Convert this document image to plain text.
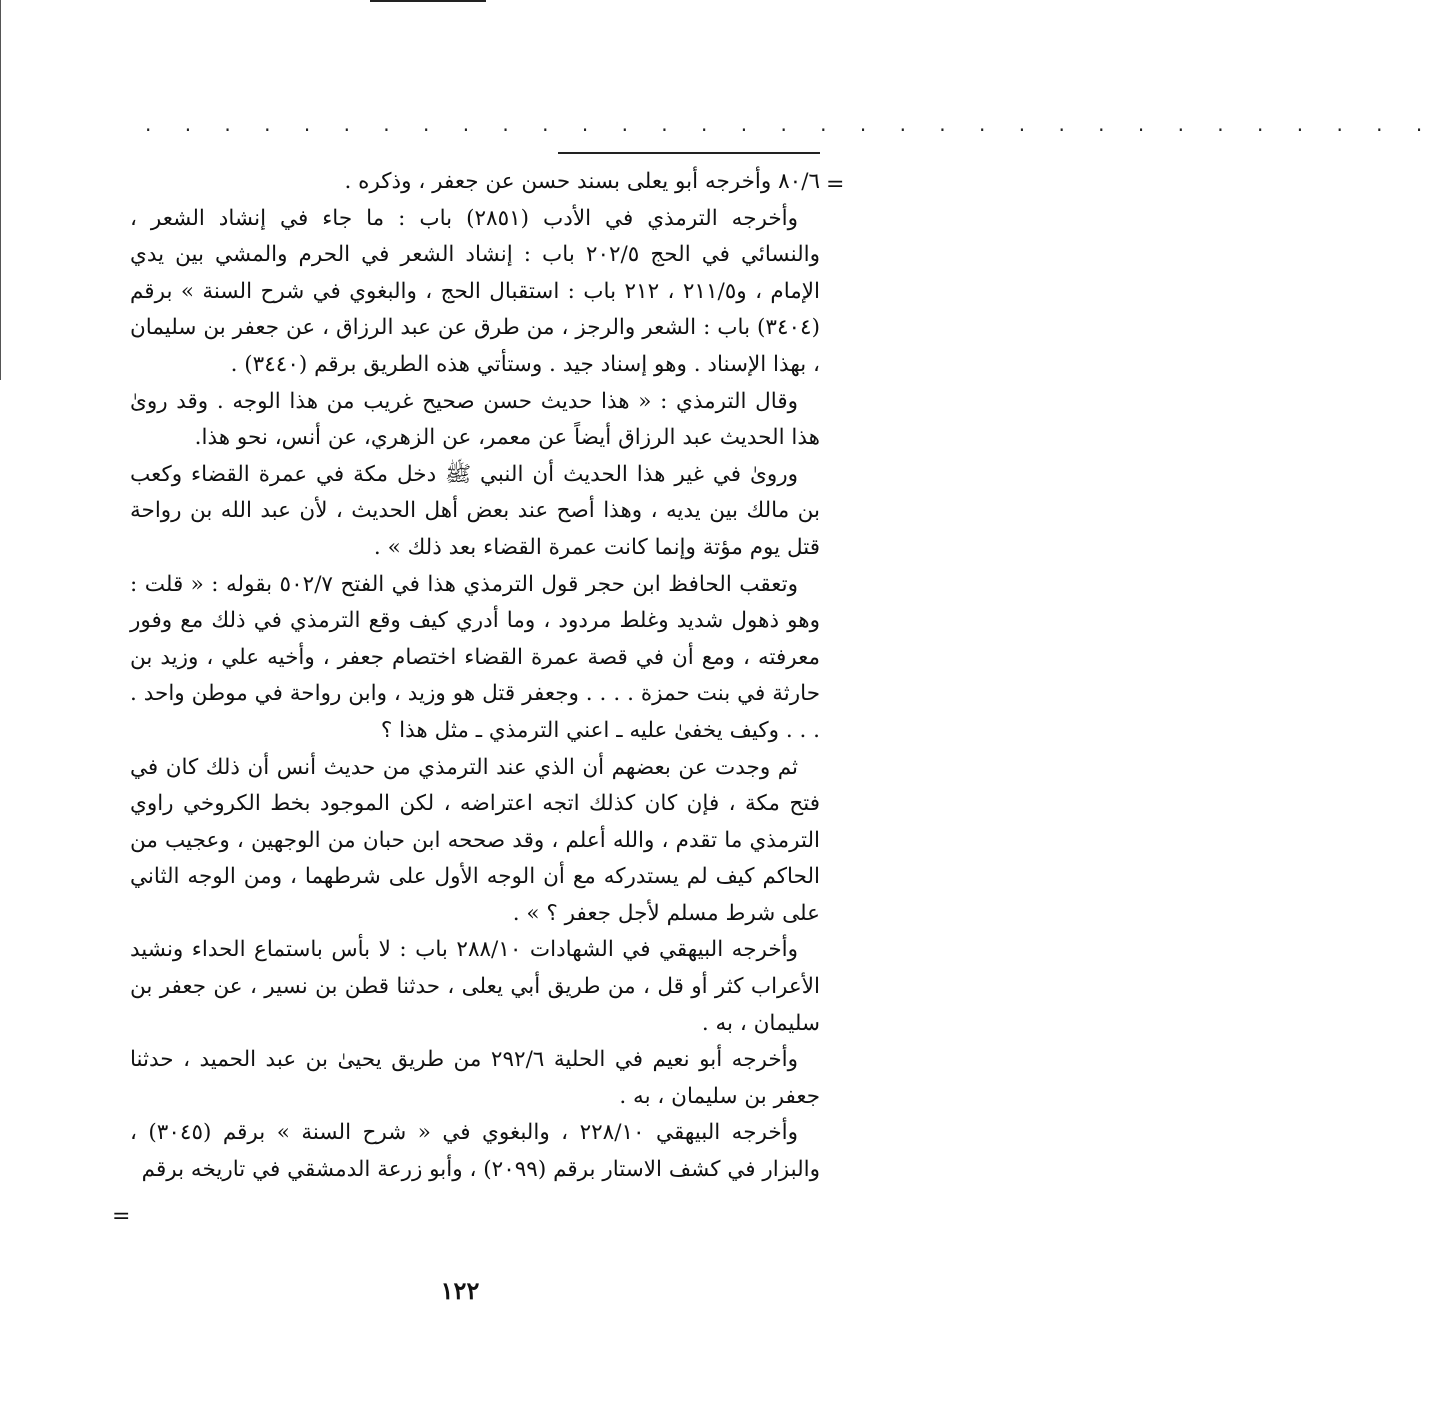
. . . . . . . . . . . . . . . . . . . . . . . . . . . . . . . . .
=

٨٠/٦ وأخرجه أبو يعلى بسند حسن عن جعفر ، وذكره .

وأخرجه الترمذي في الأدب (٢٨٥١) باب : ما جاء في إنشاد الشعر ، والنسائي في الحج ٢٠٢/٥ باب : إنشاد الشعر في الحرم والمشي بين يدي الإمام ، و٢١١/٥ ، ٢١٢ باب : استقبال الحج ، والبغوي في شرح السنة » برقم (٣٤٠٤) باب : الشعر والرجز ، من طرق عن عبد الرزاق ، عن جعفر بن سليمان ، بهذا الإسناد . وهو إسناد جيد . وستأتي هذه الطريق برقم (٣٤٤٠) .

وقال الترمذي : « هذا حديث حسن صحيح غريب من هذا الوجه . وقد روىٰ هذا الحديث عبد الرزاق أيضاً عن معمر، عن الزهري، عن أنس، نحو هذا.

وروىٰ في غير هذا الحديث أن النبي ﷺ دخل مكة في عمرة القضاء وكعب بن مالك بين يديه ، وهذا أصح عند بعض أهل الحديث ، لأن عبد الله بن رواحة قتل يوم مؤتة وإنما كانت عمرة القضاء بعد ذلك » .

وتعقب الحافظ ابن حجر قول الترمذي هذا في الفتح ٥٠٢/٧ بقوله : « قلت : وهو ذهول شديد وغلط مردود ، وما أدري كيف وقع الترمذي في ذلك مع وفور معرفته ، ومع أن في قصة عمرة القضاء اختصام جعفر ، وأخيه علي ، وزيد بن حارثة في بنت حمزة . . . . وجعفر قتل هو وزيد ، وابن رواحة في موطن واحد . . . . وكيف يخفىٰ عليه ـ اعني الترمذي ـ مثل هذا ؟

ثم وجدت عن بعضهم أن الذي عند الترمذي من حديث أنس أن ذلك كان في فتح مكة ، فإن كان كذلك اتجه اعتراضه ، لكن الموجود بخط الكروخي راوي الترمذي ما تقدم ، والله أعلم ، وقد صححه ابن حبان من الوجهين ، وعجيب من الحاكم كيف لم يستدركه مع أن الوجه الأول على شرطهما ، ومن الوجه الثاني على شرط مسلم لأجل جعفر ؟ » .

وأخرجه البيهقي في الشهادات ٢٨٨/١٠ باب : لا بأس باستماع الحداء ونشيد الأعراب كثر أو قل ، من طريق أبي يعلى ، حدثنا قطن بن نسير ، عن جعفر بن سليمان ، به .

وأخرجه أبو نعيم في الحلية ٢٩٢/٦ من طريق يحيىٰ بن عبد الحميد ، حدثنا جعفر بن سليمان ، به .

وأخرجه البيهقي ٢٢٨/١٠ ، والبغوي في « شرح السنة » برقم (٣٠٤٥) ، والبزار في كشف الاستار برقم (٢٠٩٩) ، وأبو زرعة الدمشقي في تاريخه برقم

=
١٢٢
